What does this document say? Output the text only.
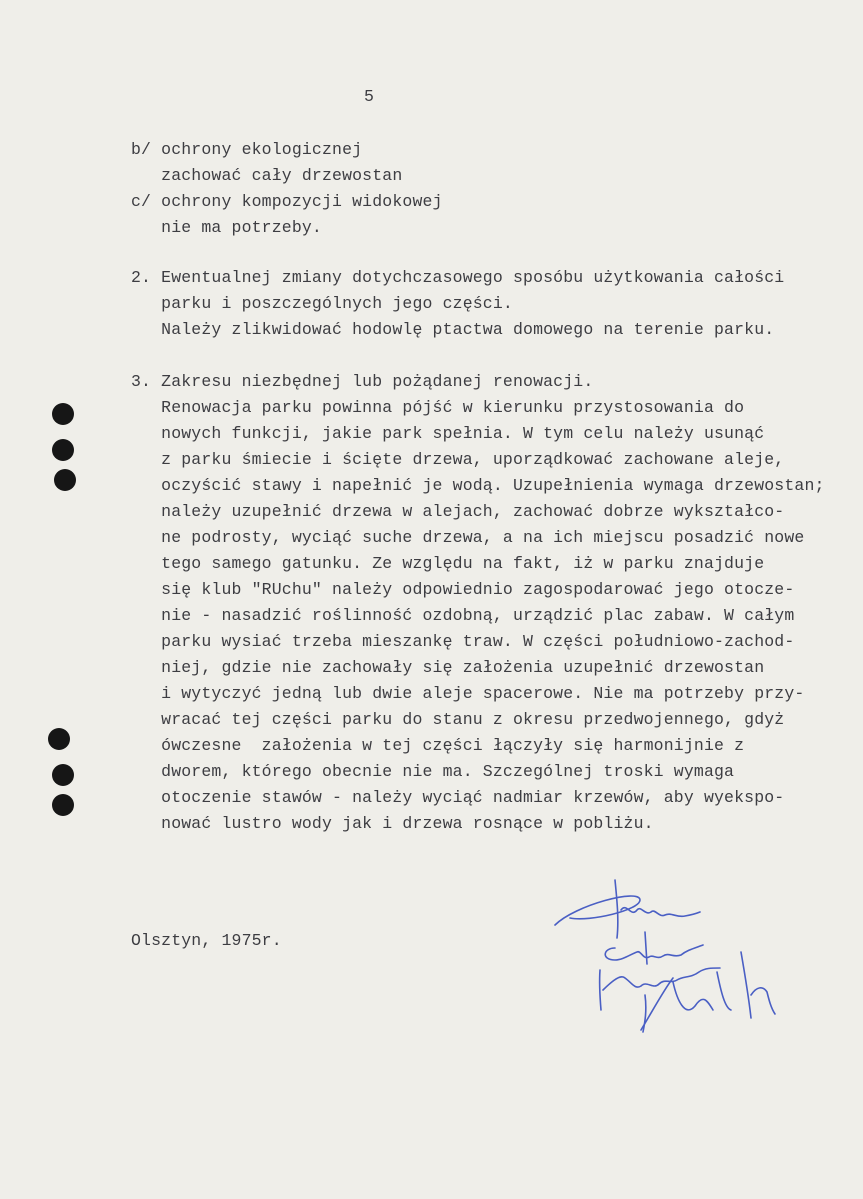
5
b/ ochrony ekologicznej
zachować cały drzewostan
c/ ochrony kompozycji widokowej
nie ma potrzeby.
2. Ewentualnej zmiany dotychczasowego sposóbu użytkowania całości
parku i poszczególnych jego części.
Należy zlikwidować hodowlę ptactwa domowego na terenie parku.
3. Zakresu niezbędnej lub pożądanej renowacji.
Renowacja parku powinna pójść w kierunku przystosowania do
nowych funkcji, jakie park spełnia. W tym celu należy usunąć
z parku śmiecie i ścięte drzewa, uporządkować zachowane aleje,
oczyścić stawy i napełnić je wodą. Uzupełnienia wymaga drzewostan;
należy uzupełnić drzewa w alejach, zachować dobrze wykształco-
ne podrosty, wyciąć suche drzewa, a na ich miejscu posadzić nowe
tego samego gatunku. Ze względu na fakt, iż w parku znajduje
się klub "RUchu" należy odpowiednio zagospodarować jego otocze-
nie - nasadzić roślinność ozdobną, urządzić plac zabaw. W całym
parku wysiać trzeba mieszankę traw. W części południowo-zachod-
niej, gdzie nie zachowały się założenia uzupełnić drzewostan
i wytyczyć jedną lub dwie aleje spacerowe. Nie ma potrzeby przy-
wracać tej części parku do stanu z okresu przedwojennego, gdyż
ówczesne  założenia w tej części łączyły się harmonijnie z
dworem, którego obecnie nie ma. Szczególnej troski wymaga
otoczenie stawów - należy wyciąć nadmiar krzewów, aby wyekspo-
nować lustro wody jak i drzewa rosnące w pobliżu.
Olsztyn, 1975r.
